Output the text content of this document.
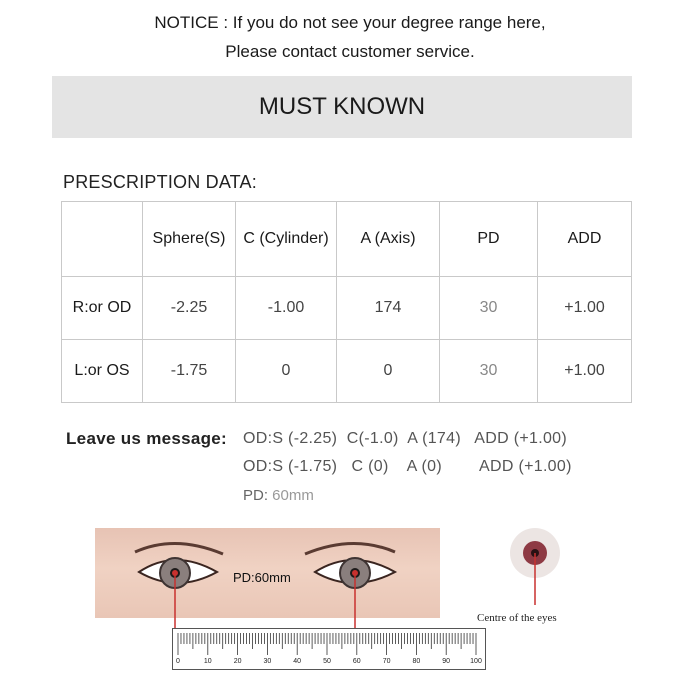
NOTICE : If you do not see your degree range here,
Please contact customer service.
MUST KNOWN
PRESCRIPTION DATA:
	Sphere(S)	C (Cylinder)	A (Axis)	PD	ADD
R:or OD	-2.25	-1.00	174	30	+1.00
L:or OS	-1.75	0	0	30	+1.00
Leave us message: OD:S (-2.25)  C(-1.0)  A (174)   ADD (+1.00)
OD:S (-1.75)   C (0)    A (0)        ADD (+1.00)
PD: 60mm
PD:60mm
Centre of the eyes
0	10	20	30	40	50	60	70	80	90	100
